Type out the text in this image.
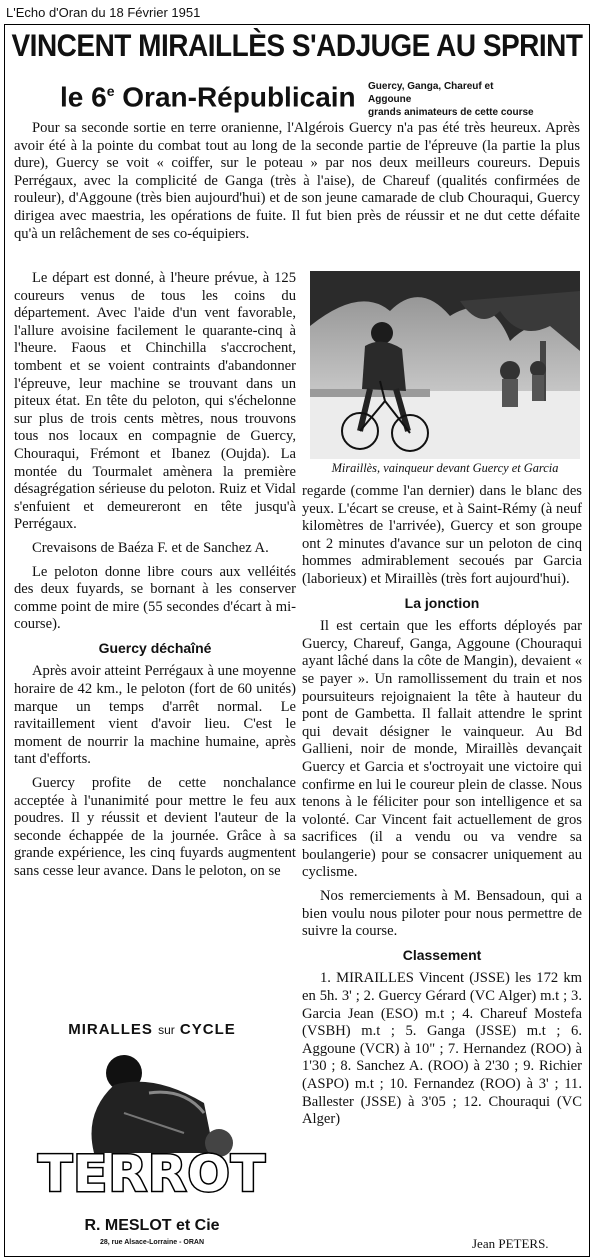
L'Echo d'Oran du 18 Février 1951
VINCENT MIRAILLÈS S'ADJUGE AU SPRINT
le 6e Oran-Républicain Guercy, Ganga, Chareuf et Aggoune
grands animateurs de cette course

Pour sa seconde sortie en terre oranienne, l'Algérois Guercy n'a pas été très heureux. Après avoir été à la pointe du combat tout au long de la seconde partie de l'épreuve (la partie la plus dure), Guercy se voit « coiffer, sur le poteau » par nos deux meilleurs coureurs. Depuis Perrégaux, avec la complicité de Ganga (très à l'aise), de Chareuf (qualités confirmées de rouleur), d'Aggoune (très bien aujourd'hui) et de son jeune camarade de club Chouraqui, Guercy dirigea avec maestria, les opérations de fuite. Il fut bien près de réussir et ne dut cette défaite qu'à un relâchement de ses co-équipiers.

Le départ est donné, à l'heure prévue, à 125 coureurs venus de tous les coins du département. Avec l'aide d'un vent favorable, l'allure avoisine facilement le quarante-cinq à l'heure. Faous et Chinchilla s'accrochent, tombent et se voient contraints d'abandonner l'épreuve, leur machine se trouvant dans un piteux état. En tête du peloton, qui s'échelonne sur plus de trois cents mètres, nous trouvons tous nos locaux en compagnie de Guercy, Chouraqui, Frémont et Ibanez (Oujda). La montée du Tourmalet amènera la première désagrégation sérieuse du peloton. Ruiz et Vidal s'enfuient et demeureront en tête jusqu'à Perrégaux.

Crevaisons de Baéza F. et de Sanchez A.

Le peloton donne libre cours aux velléités des deux fuyards, se bornant à les conserver comme point de mire (55 secondes d'écart à mi-course).

Guercy déchaîné

Après avoir atteint Perrégaux à une moyenne horaire de 42 km., le peloton (fort de 60 unités) marque un temps d'arrêt normal. Le ravitaillement vient d'avoir lieu. C'est le moment de nourrir la machine humaine, après tant d'efforts.

Guercy profite de cette nonchalance acceptée à l'unanimité pour mettre le feu aux poudres. Il y réussit et devient l'auteur de la seconde échappée de la journée. Grâce à sa grande expérience, les cinq fuyards augmentent sans cesse leur avance. Dans le peloton, on se

Miraillès, vainqueur devant Guercy et Garcia

regarde (comme l'an dernier) dans le blanc des yeux. L'écart se creuse, et à Saint-Rémy (à neuf kilomètres de l'arrivée), Guercy et son groupe ont 2 minutes d'avance sur un peloton de cinq hommes admirablement secoués par Garcia (laborieux) et Miraillès (très fort aujourd'hui).

La jonction

Il est certain que les efforts déployés par Guercy, Chareuf, Ganga, Aggoune (Chouraqui ayant lâché dans la côte de Mangin), devaient « se payer ». Un ramollissement du train et nos poursuiteurs rejoignaient la tête à hauteur du pont de Gambetta. Il fallait attendre le sprint qui devait désigner le vainqueur. Au Bd Gallieni, noir de monde, Miraillès devançait Guercy et Garcia et s'octroyait une victoire qui confirme en lui le coureur plein de classe. Nous tenons à le féliciter pour son intelligence et sa volonté. Car Vincent fait actuellement de gros sacrifices (il a vendu ou va vendre sa boulangerie) pour se consacrer uniquement au cyclisme.

Nos remerciements à M. Bensadoun, qui a bien voulu nous piloter pour nous permettre de suivre la course.

Classement

1. MIRAILLES Vincent (JSSE) les 172 km en 5h. 3' ; 2. Guercy Gérard (VC Alger) m.t ; 3. Garcia Jean (ESO) m.t ; 4. Chareuf Mostefa (VSBH) m.t ; 5. Ganga (JSSE) m.t ; 6. Aggoune (VCR) à 10" ; 7. Hernandez (ROO) à 1'30 ; 8. Sanchez A. (ROO) à 2'30 ; 9. Richier (ASPO) m.t ; 10. Fernandez (ROO) à 3' ; 11. Ballester (JSSE) à 3'05 ; 12. Chouraqui (VC Alger)

Jean PETERS.
MIRALLES sur CYCLE
TERROT
R. MESLOT et Cie
28, rue Alsace-Lorraine - ORAN
